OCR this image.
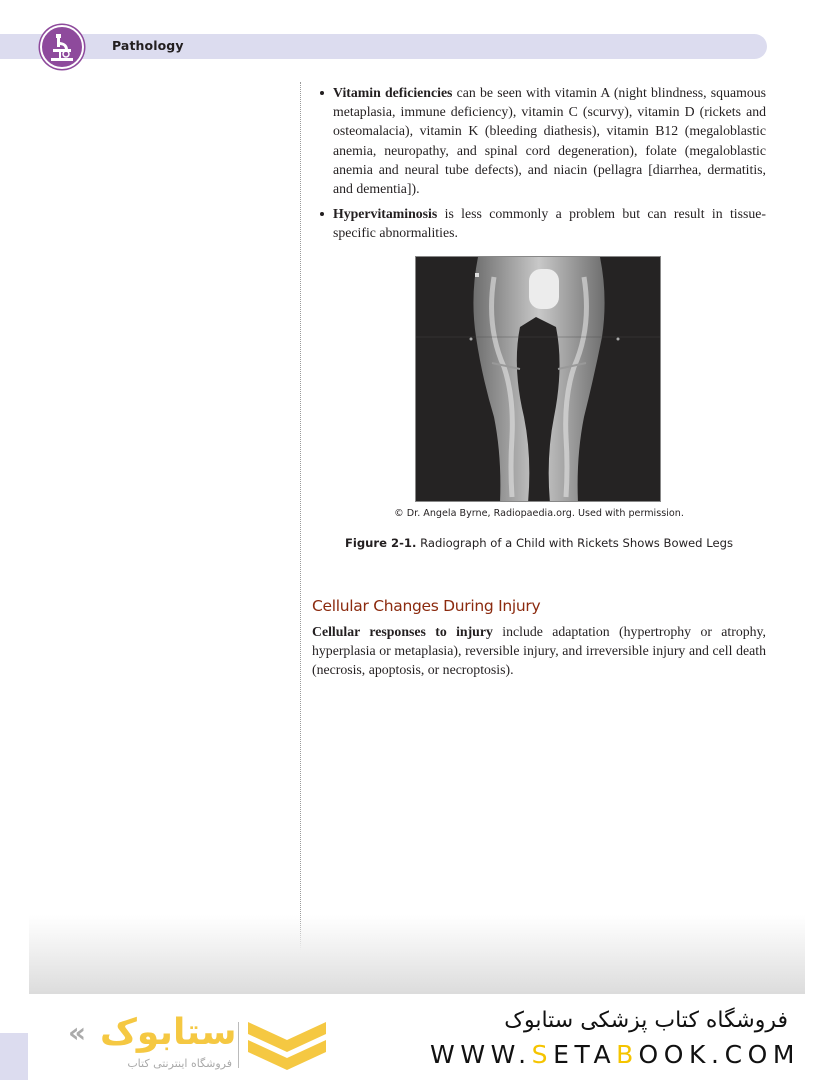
Pathology

Vitamin deficiencies can be seen with vitamin A (night blindness, squamous metaplasia, immune deficiency), vitamin C (scurvy), vitamin D (rickets and osteomalacia), vitamin K (bleeding diathesis), vitamin B12 (megaloblastic anemia, neuropathy, and spinal cord degeneration), folate (megaloblastic anemia and neural tube defects), and niacin (pellagra [diarrhea, dermatitis, and dementia]).

Hypervitaminosis is less commonly a problem but can result in tissue-specific abnormalities.

© Dr. Angela Byrne, Radiopaedia.org. Used with permission.
Figure 2-1. Radiograph of a Child with Rickets Shows Bowed Legs
Cellular Changes During Injury

Cellular responses to injury include adaptation (hypertrophy or atrophy, hyperplasia or metaplasia), reversible injury, and irreversible injury and cell death (necrosis, apoptosis, or necroptosis).

« ستابوک
فروشگاه اینترنتی کتاب
فروشگاه کتاب پزشکی ستابوک
WWW.SETABOOK.COM
